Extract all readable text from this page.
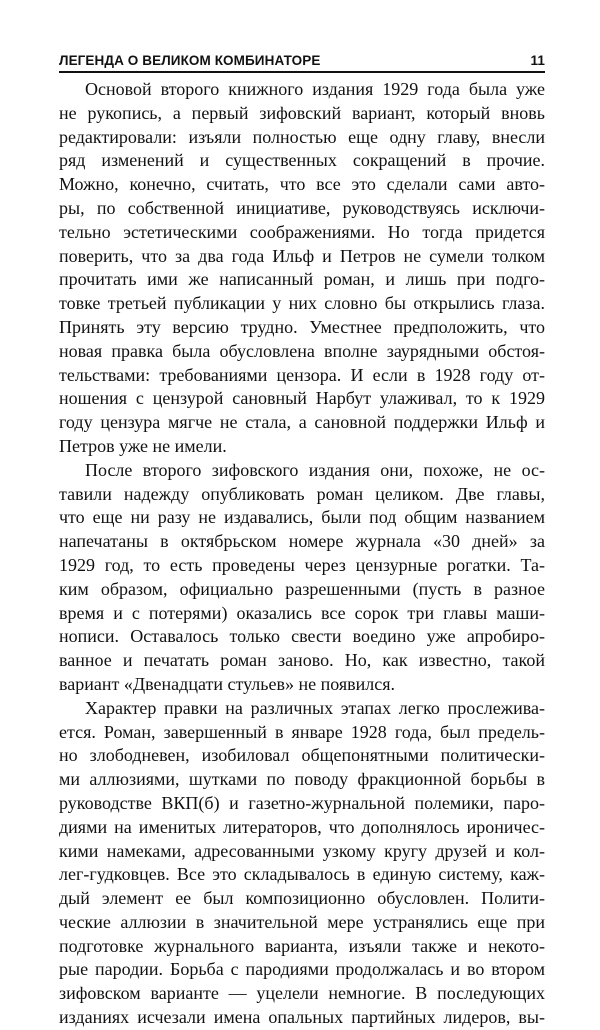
ЛЕГЕНДА О ВЕЛИКОМ КОМБИНАТОРЕ	11

Основой второго книжного издания 1929 года была уже
не рукопись, а первый зифовский вариант, который вновь
редактировали: изъяли полностью еще одну главу, внесли
ряд изменений и существенных сокращений в прочие.
Можно, конечно, считать, что все это сделали сами авто-
ры, по собственной инициативе, руководствуясь исключи-
тельно эстетическими соображениями. Но тогда придется
поверить, что за два года Ильф и Петров не сумели толком
прочитать ими же написанный роман, и лишь при подго-
товке третьей публикации у них словно бы открылись глаза.
Принять эту версию трудно. Уместнее предположить, что
новая правка была обусловлена вполне заурядными обстоя-
тельствами: требованиями цензора. И если в 1928 году от-
ношения с цензурой сановный Нарбут улаживал, то к 1929
году цензура мягче не стала, а сановной поддержки Ильф и
Петров уже не имели.

После второго зифовского издания они, похоже, не ос-
тавили надежду опубликовать роман целиком. Две главы,
что еще ни разу не издавались, были под общим названием
напечатаны в октябрьском номере журнала «30 дней» за
1929 год, то есть проведены через цензурные рогатки. Та-
ким образом, официально разрешенными (пусть в разное
время и с потерями) оказались все сорок три главы маши-
нописи. Оставалось только свести воедино уже апробиро-
ванное и печатать роман заново. Но, как известно, такой
вариант «Двенадцати стульев» не появился.

Характер правки на различных этапах легко прослежива-
ется. Роман, завершенный в январе 1928 года, был предель-
но злободневен, изобиловал общепонятными политически-
ми аллюзиями, шутками по поводу фракционной борьбы в
руководстве ВКП(б) и газетно-журнальной полемики, паро-
диями на именитых литераторов, что дополнялось ироничес-
кими намеками, адресованными узкому кругу друзей и кол-
лег-гудковцев. Все это складывалось в единую систему, каж-
дый элемент ее был композиционно обусловлен. Полити-
ческие аллюзии в значительной мере устранялись еще при
подготовке журнального варианта, изъяли также и некото-
рые пародии. Борьба с пародиями продолжалась и во втором
зифовском варианте — уцелели немногие. В последующих
изданиях исчезали имена опальных партийных лидеров, вы-
